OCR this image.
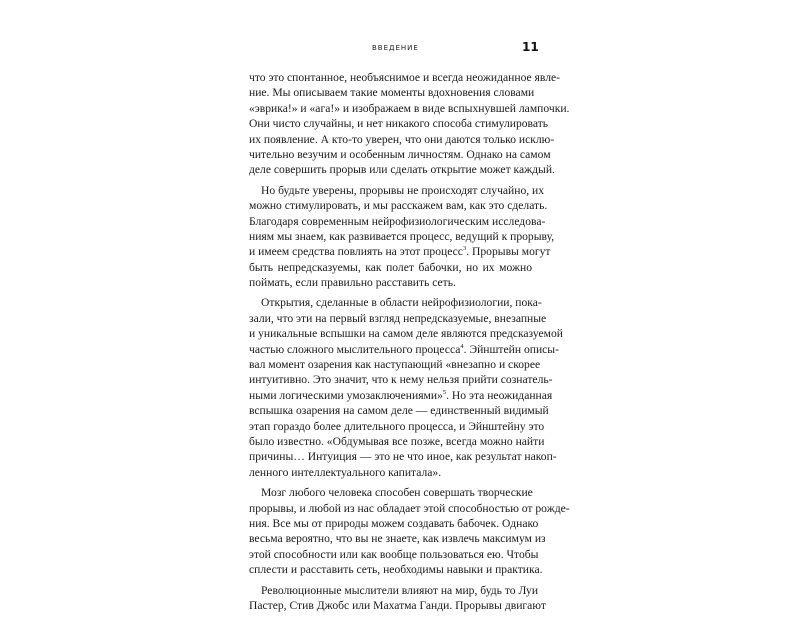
ВВЕДЕНИЕ	11
что это спонтанное, необъяснимое и всегда неожиданное явле-
ние. Мы описываем такие моменты вдохновения словами
«эврика!» и «ага!» и изображаем в виде вспыхнувшей лампочки.
Они чисто случайны, и нет никакого способа стимулировать
их появление. А кто-то уверен, что они даются только исклю-
чительно везучим и особенным личностям. Однако на самом
деле совершить прорыв или сделать открытие может каждый.
Но будьте уверены, прорывы не происходят случайно, их
можно стимулировать, и мы расскажем вам, как это сделать.
Благодаря современным нейрофизиологическим исследова-
ниям мы знаем, как развивается процесс, ведущий к прорыву,
и имеем средства повлиять на этот процесс$^3$. Прорывы могут
быть непредсказуемы, как полет бабочки, но их можно
поймать, если правильно расставить сеть.
Открытия, сделанные в области нейрофизиологии, пока-
зали, что эти на первый взгляд непредсказуемые, внезапные
и уникальные вспышки на самом деле являются предсказуемой
частью сложного мыслительного процесса$^4$. Эйнштейн описы-
вал момент озарения как наступающий «внезапно и скорее
интуитивно. Это значит, что к нему нельзя прийти сознатель-
ными логическими умозаключениями»$^5$. Но эта неожиданная
вспышка озарения на самом деле — единственный видимый
этап гораздо более длительного процесса, и Эйнштейну это
было известно. «Обдумывая все позже, всегда можно найти
причины… Интуиция — это не что иное, как результат накоп-
ленного интеллектуального капитала».
Мозг любого человека способен совершать творческие
прорывы, и любой из нас обладает этой способностью от рожде-
ния. Все мы от природы можем создавать бабочек. Однако
весьма вероятно, что вы не знаете, как извлечь максимум из
этой способности или как вообще пользоваться ею. Чтобы
сплести и расставить сеть, необходимы навыки и практика.
Революционные мыслители влияют на мир, будь то Луи
Пастер, Стив Джобс или Махатма Ганди. Прорывы двигают
